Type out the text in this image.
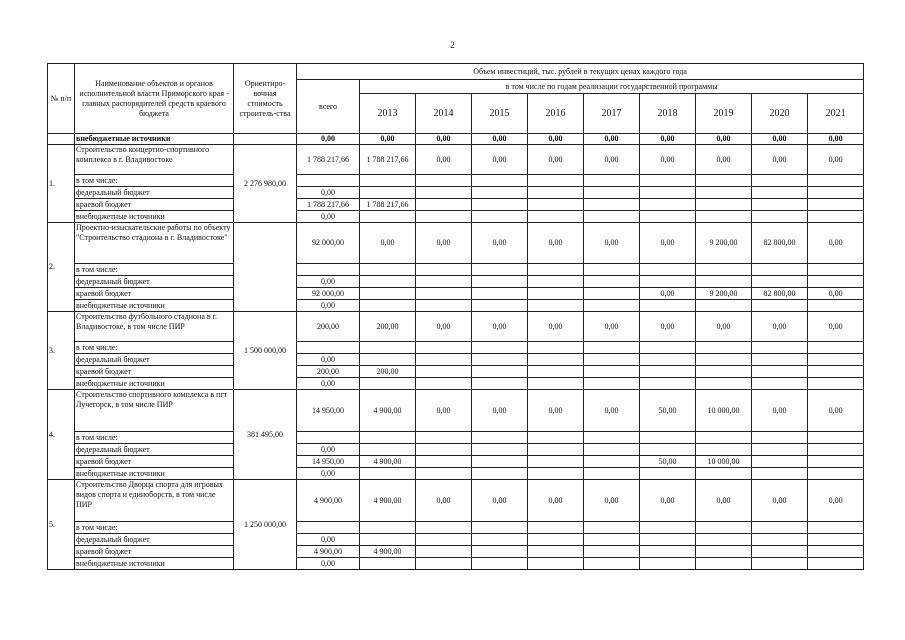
2
№ п/п	Наименование объектов и органов исполнительной власти Приморского края - главных распорядителей средств краевого бюджета	Ориентиро-вочная стоимость строитель-ства	Объем инвестиций, тыс. рублей в текущих ценах каждого года									
			всего	в том числе по годам реализации государственной программы								
				2013	2014	2015	2016	2017	2018	2019	2020	2021
	внебюджетные источники		0,00	0,00	0,00	0,00	0,00	0,00	0,00	0,00	0,00	0,00
1.	Строительство концертно-спортивного комплекса в г. Владивостоке	2 276 980,00	1 788 217,66	1 788 217,66	0,00	0,00	0,00	0,00	0,00	0,00	0,00	0,00
	в том числе:											
	федеральный бюджет		0,00									
	краевой бюджет		1 788 217,66	1 788 217,66								
	внебюджетные источники		0,00									
2.	Проектно-изыскательские работы по объекту "Строительство стадиона в г. Владивостоке"		92 000,00	0,00	0,00	0,00	0,00	0,00	0,00	9 200,00	82 800,00	0,00
	в том числе:											
	федеральный бюджет		0,00									
	краевой бюджет		92 000,00						0,00	9 200,00	82 800,00	0,00
	внебюджетные источники		0,00									
3.	Строительство футбольного стадиона в г. Владивостоке, в том числе ПИР	1 500 000,00	200,00	200,00	0,00	0,00	0,00	0,00	0,00	0,00	0,00	0,00
	в том числе:											
	федеральный бюджет		0,00									
	краевой бюджет		200,00	200,00								
	внебюджетные источники		0,00									
4.	Строительство спортивного комплекса в пгт Лучегорск, в том числе ПИР	381 495,00	14 950,00	4 900,00	0,00	0,00	0,00	0,00	50,00	10 000,00	0,00	0,00
	в том числе:											
	федеральный бюджет		0,00									
	краевой бюджет		14 950,00	4 900,00					50,00	10 000,00		
	внебюджетные источники		0,00									
5.	Строительство Дворца спорта для игровых видов спорта и единоборств, в том числе ПИР	1 250 000,00	4 900,00	4 900,00	0,00	0,00	0,00	0,00	0,00	0,00	0,00	0,00
	в том числе:											
	федеральный бюджет		0,00									
	краевой бюджет		4 900,00	4 900,00								
	внебюджетные источники		0,00									
